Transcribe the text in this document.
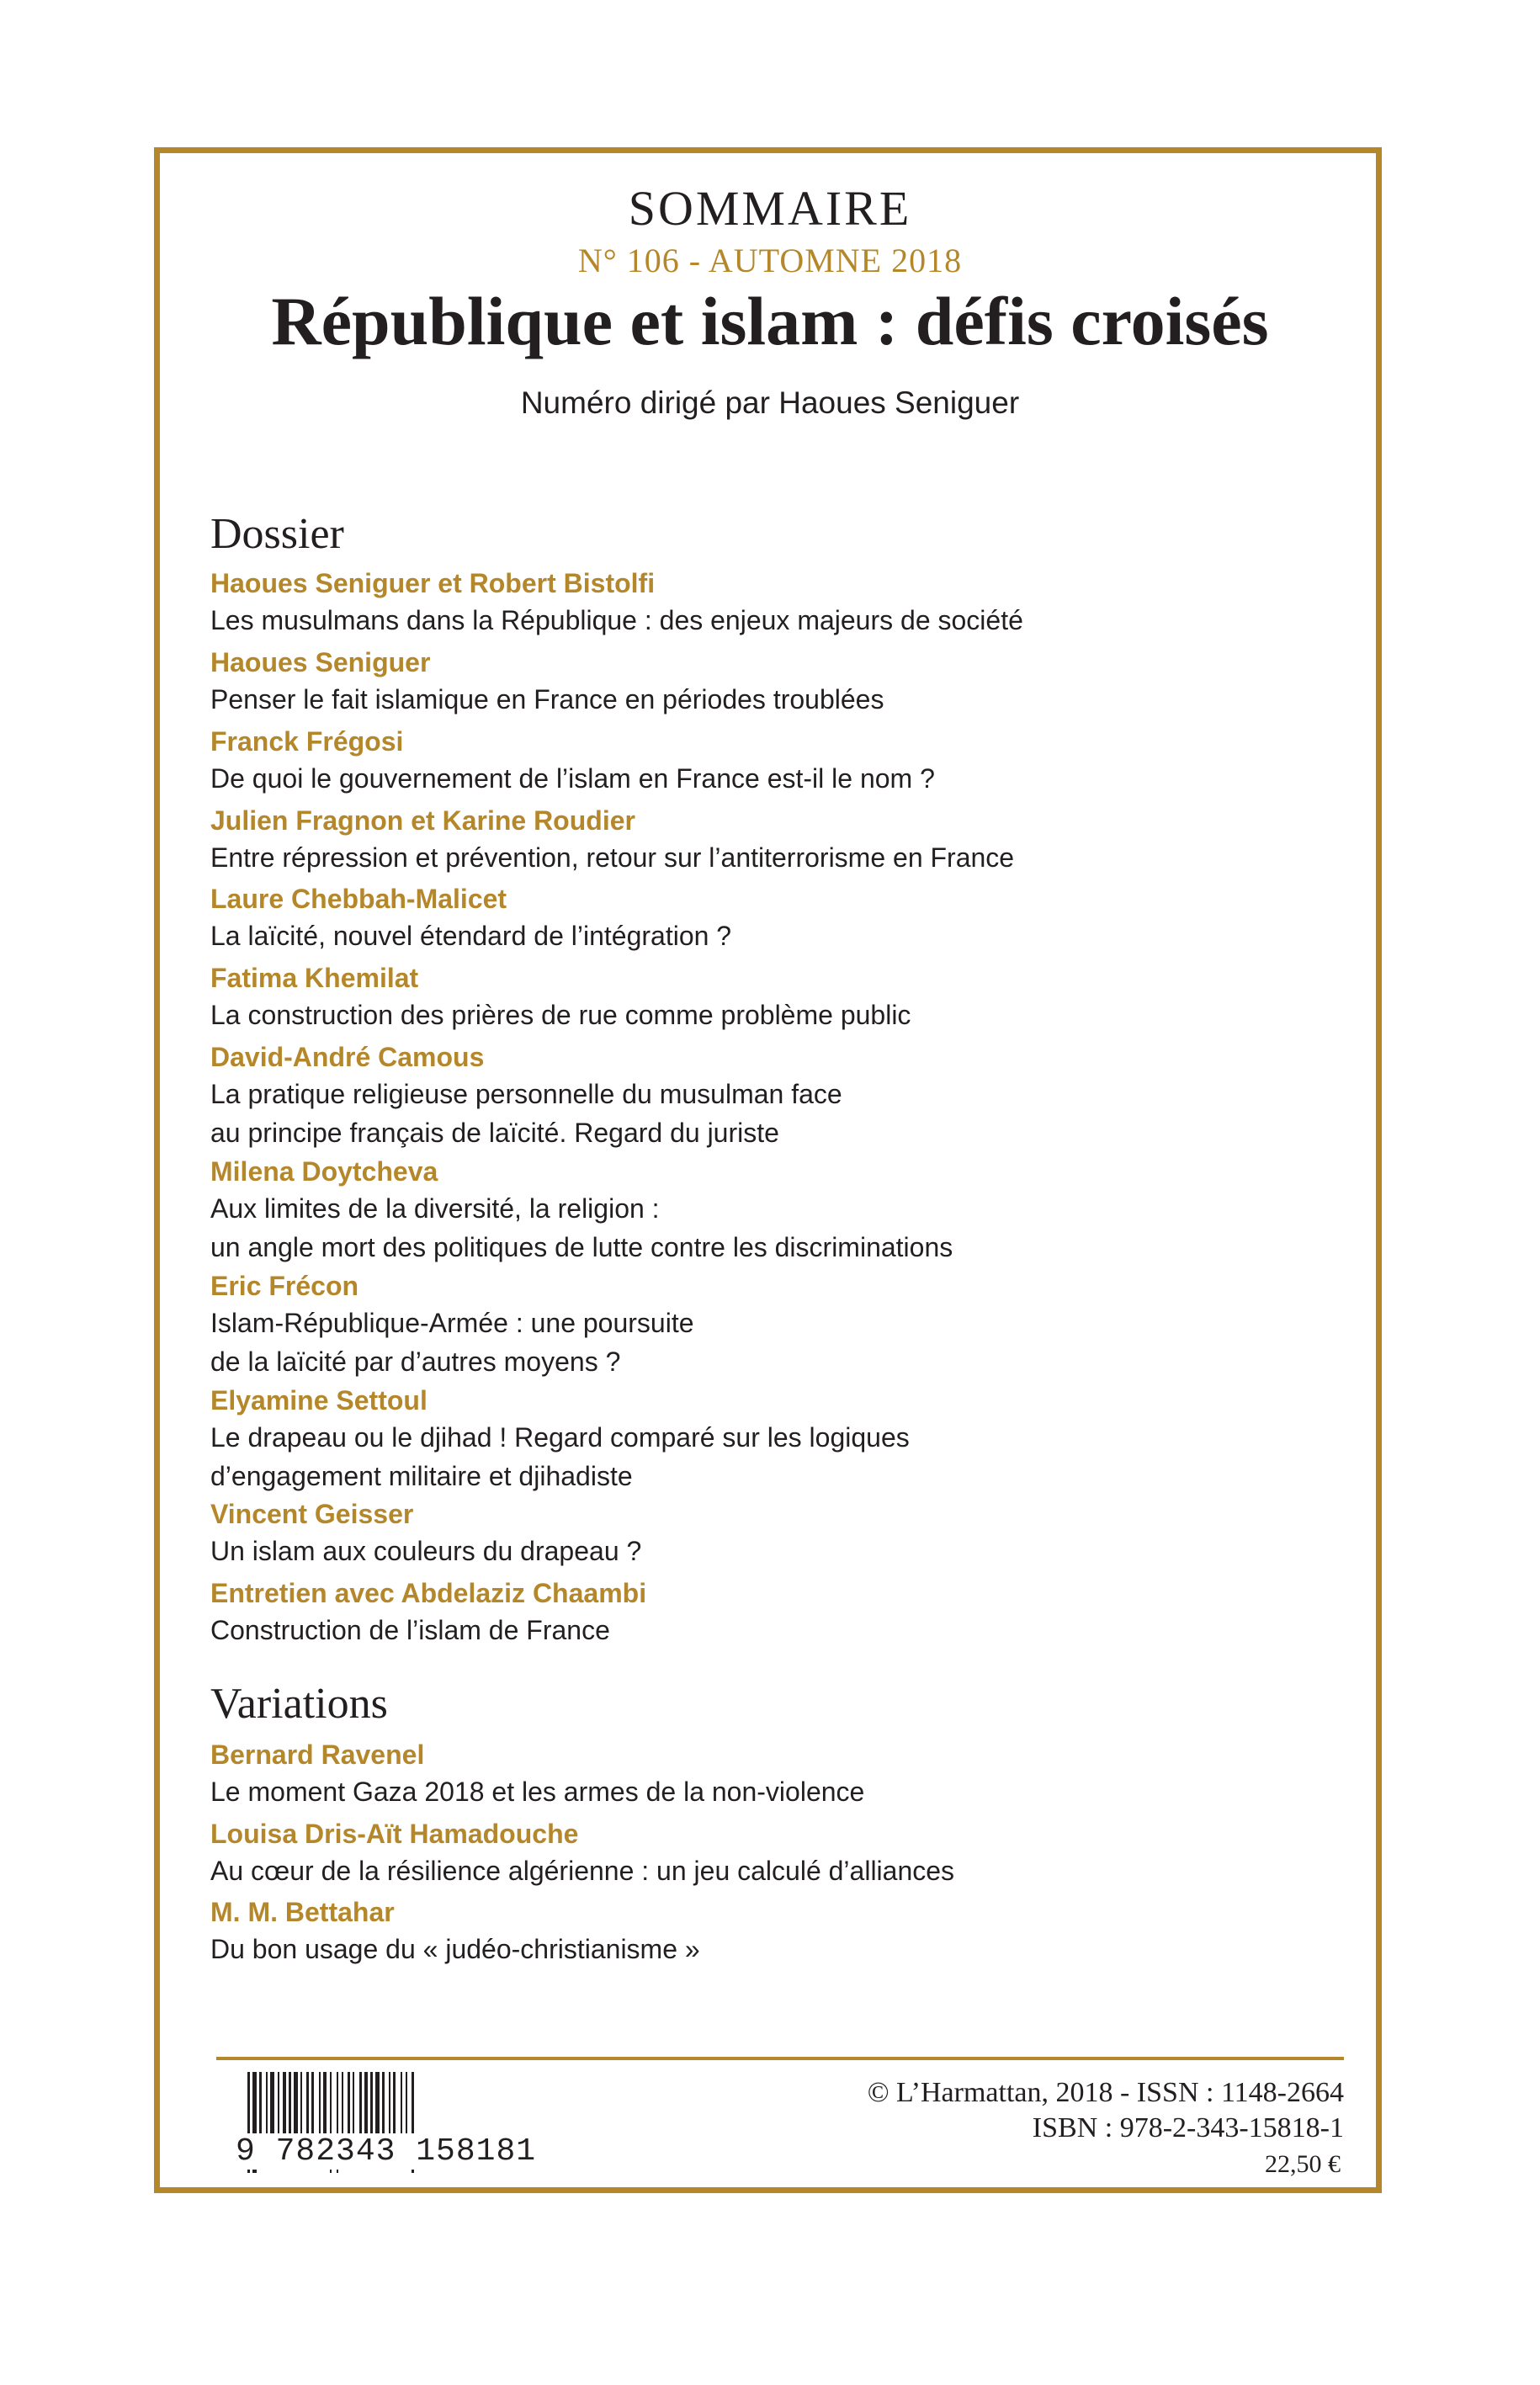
SOMMAIRE
N° 106 - AUTOMNE 2018
République et islam : défis croisés
Numéro dirigé par Haoues Seniguer
Dossier
Haoues Seniguer et Robert Bistolfi
Les musulmans dans la République : des enjeux majeurs de société
Haoues Seniguer
Penser le fait islamique en France en périodes troublées
Franck Frégosi
De quoi le gouvernement de l’islam en France est-il le nom ?
Julien Fragnon et Karine Roudier
Entre répression et prévention, retour sur l’antiterrorisme en France
Laure Chebbah-Malicet
La laïcité, nouvel étendard de l’intégration ?
Fatima Khemilat
La construction des prières de rue comme problème public
David-André Camous
La pratique religieuse personnelle du musulman face
au principe français de laïcité. Regard du juriste
Milena Doytcheva
Aux limites de la diversité, la religion :
un angle mort des politiques de lutte contre les discriminations
Eric Frécon
Islam-République-Armée : une poursuite
de la laïcité par d’autres moyens ?
Elyamine Settoul
Le drapeau ou le djihad ! Regard comparé sur les logiques
d’engagement militaire et djihadiste
Vincent Geisser
Un islam aux couleurs du drapeau ?
Entretien avec Abdelaziz Chaambi
Construction de l’islam de France
Variations
Bernard Ravenel
Le moment Gaza 2018 et les armes de la non-violence
Louisa Dris-Aït Hamadouche
Au cœur de la résilience algérienne : un jeu calculé d’alliances
M. M. Bettahar
Du bon usage du « judéo-christianisme »
9 782343 158181
© L’Harmattan, 2018 - ISSN : 1148-2664
ISBN : 978-2-343-15818-1
22,50 €
